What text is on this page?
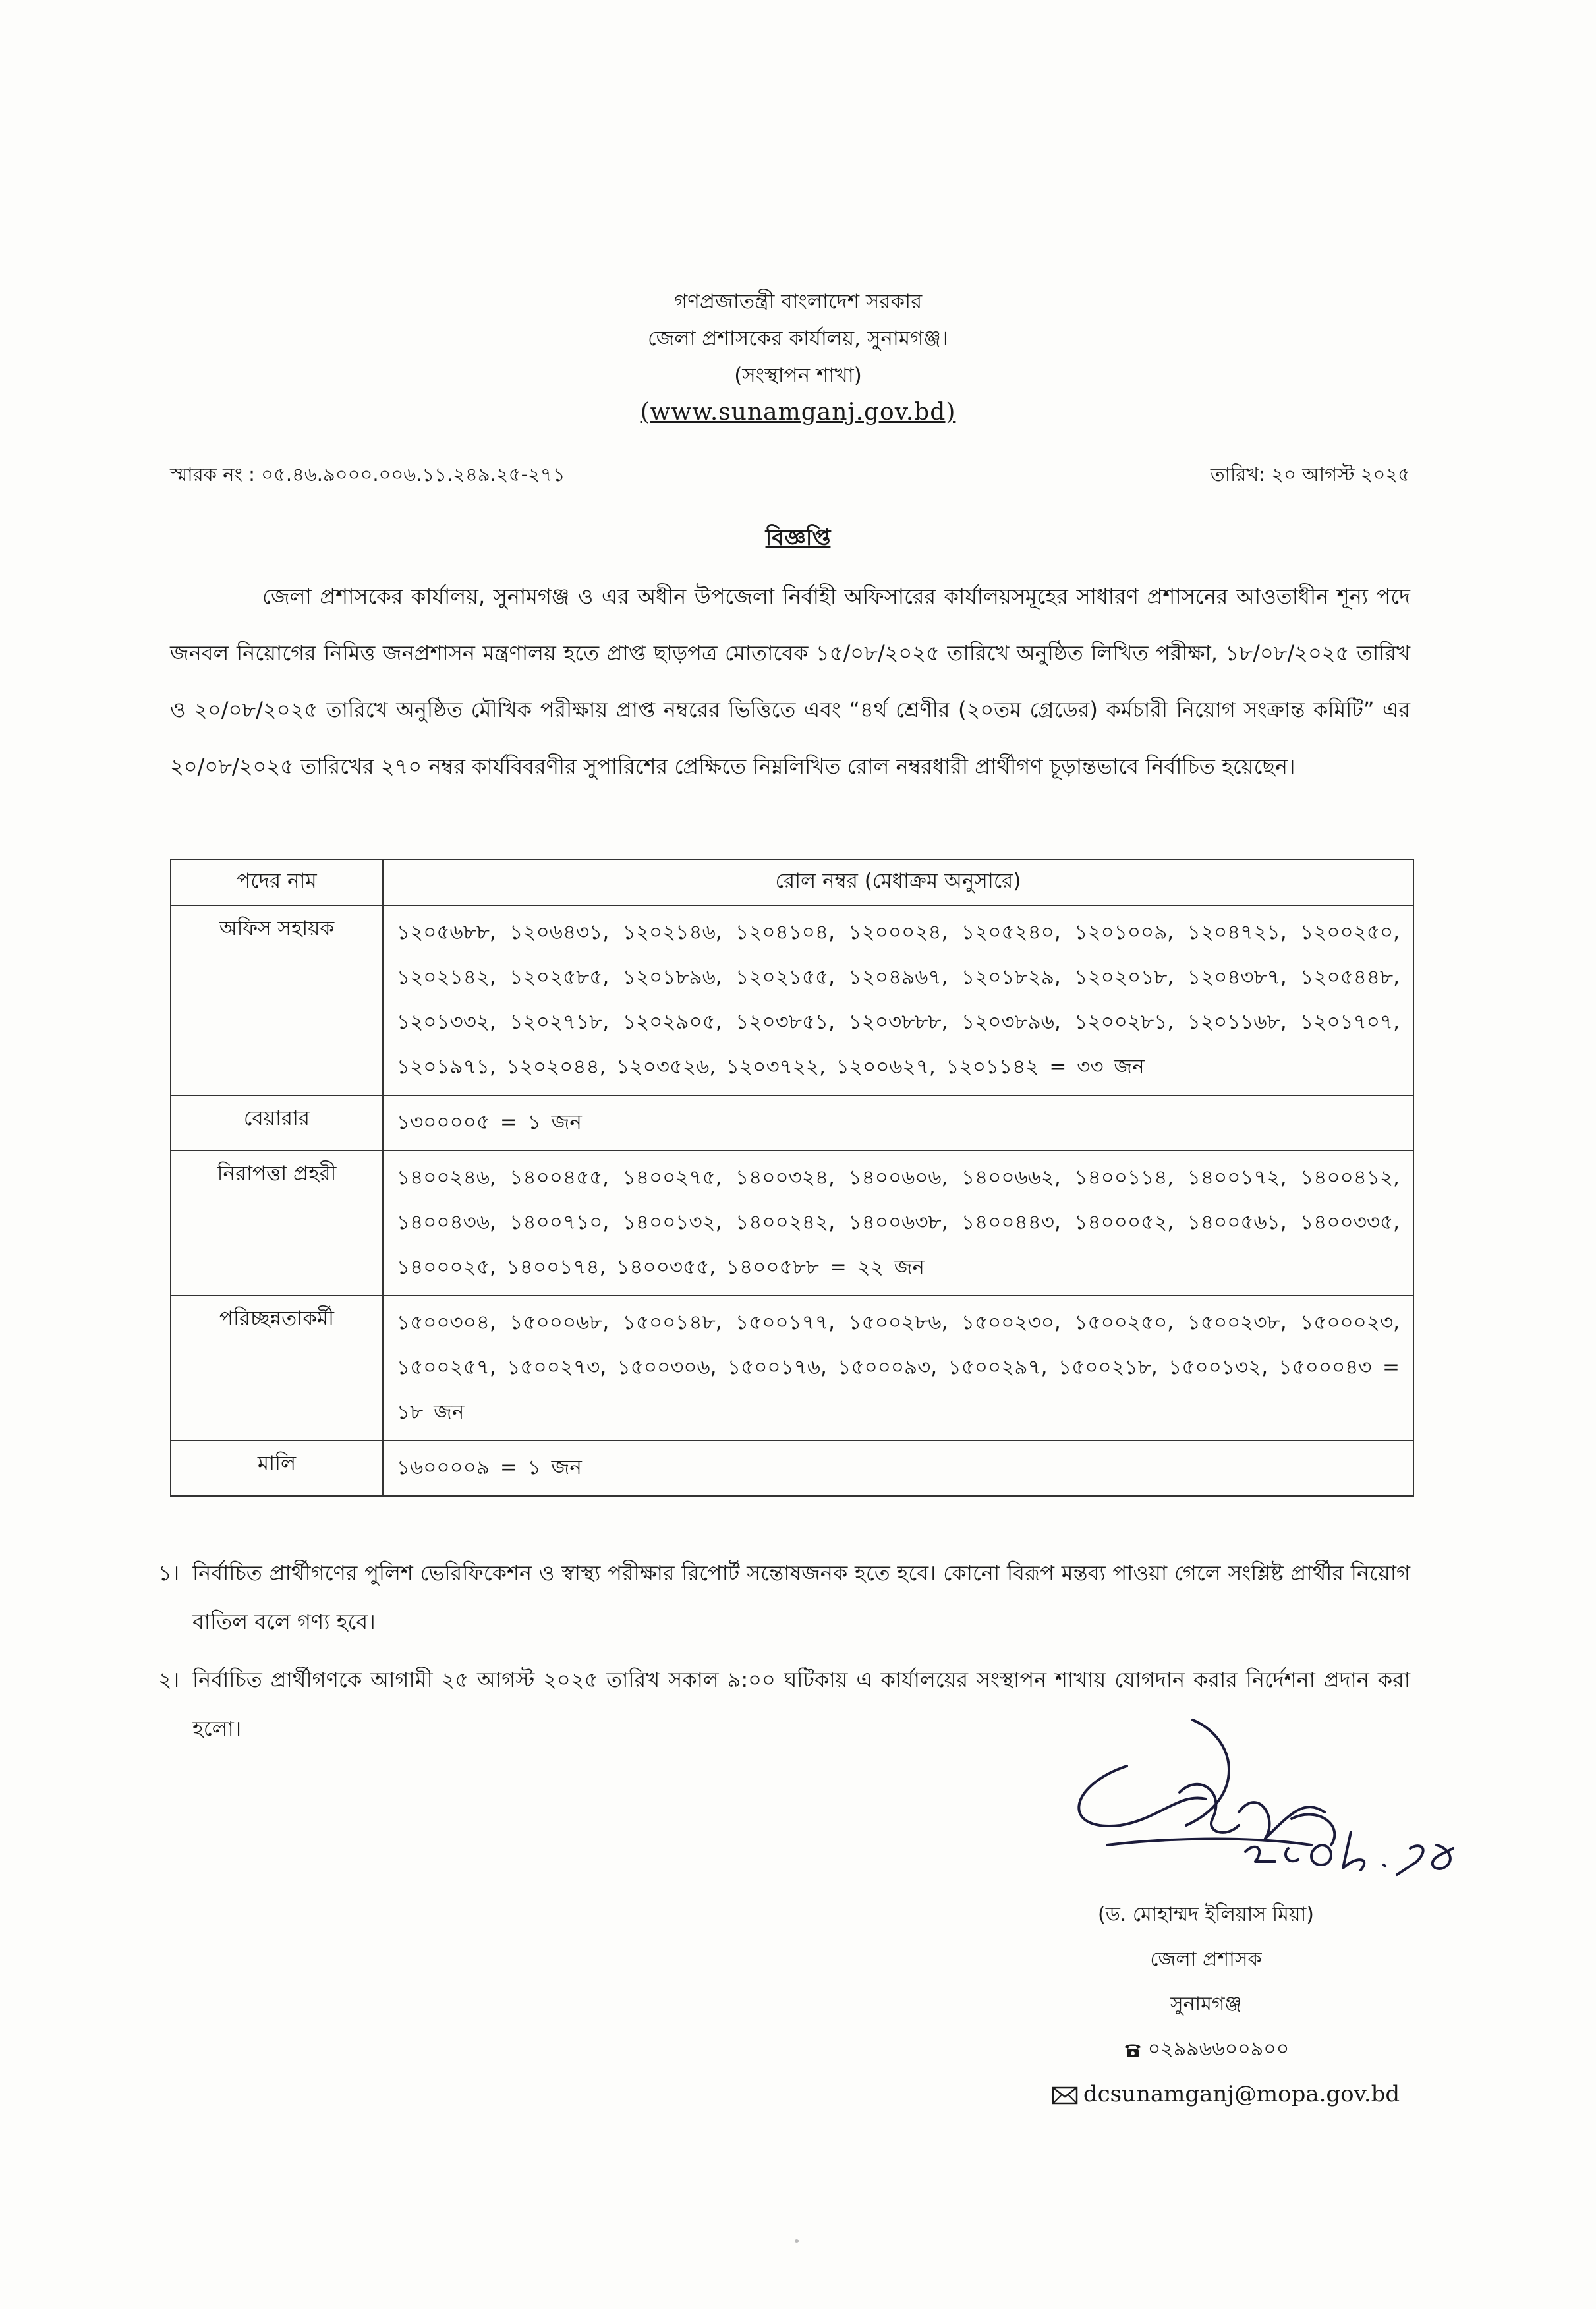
গণপ্রজাতন্ত্রী বাংলাদেশ সরকার
জেলা প্রশাসকের কার্যালয়, সুনামগঞ্জ।
(সংস্থাপন শাখা)
(www.sunamganj.gov.bd)
স্মারক নং : ০৫.৪৬.৯০০০.০০৬.১১.২৪৯.২৫-২৭১	তারিখ: ২০ আগস্ট ২০২৫
বিজ্ঞপ্তি

জেলা প্রশাসকের কার্যালয়, সুনামগঞ্জ ও এর অধীন উপজেলা নির্বাহী অফিসারের কার্যালয়সমূহের সাধারণ প্রশাসনের আওতাধীন শূন্য পদে জনবল নিয়োগের নিমিত্ত জনপ্রশাসন মন্ত্রণালয় হতে প্রাপ্ত ছাড়পত্র মোতাবেক ১৫/০৮/২০২৫ তারিখে অনুষ্ঠিত লিখিত পরীক্ষা, ১৮/০৮/২০২৫ তারিখ ও ২০/০৮/২০২৫ তারিখে অনুষ্ঠিত মৌখিক পরীক্ষায় প্রাপ্ত নম্বরের ভিত্তিতে এবং “৪র্থ শ্রেণীর (২০তম গ্রেডের) কর্মচারী নিয়োগ সংক্রান্ত কমিটি” এর ২০/০৮/২০২৫ তারিখের ২৭০ নম্বর কার্যবিবরণীর সুপারিশের প্রেক্ষিতে নিম্নলিখিত রোল নম্বরধারী প্রার্থীগণ চূড়ান্তভাবে নির্বাচিত হয়েছেন।

পদের নাম	রোল নম্বর (মেধাক্রম অনুসারে)
অফিস সহায়ক	১২০৫৬৮৮, ১২০৬৪৩১, ১২০২১৪৬, ১২০৪১০৪, ১২০০০২৪, ১২০৫২৪০, ১২০১০০৯, ১২০৪৭২১, ১২০০২৫০, ১২০২১৪২, ১২০২৫৮৫, ১২০১৮৯৬, ১২০২১৫৫, ১২০৪৯৬৭, ১২০১৮২৯, ১২০২০১৮, ১২০৪৩৮৭, ১২০৫৪৪৮, ১২০১৩৩২, ১২০২৭১৮, ১২০২৯০৫, ১২০৩৮৫১, ১২০৩৮৮৮, ১২০৩৮৯৬, ১২০০২৮১, ১২০১১৬৮, ১২০১৭০৭, ১২০১৯৭১, ১২০২০৪৪, ১২০৩৫২৬, ১২০৩৭২২, ১২০০৬২৭, ১২০১১৪২ = ৩৩ জন
বেয়ারার	১৩০০০০৫ = ১ জন
নিরাপত্তা প্রহরী	১৪০০২৪৬, ১৪০০৪৫৫, ১৪০০২৭৫, ১৪০০৩২৪, ১৪০০৬০৬, ১৪০০৬৬২, ১৪০০১১৪, ১৪০০১৭২, ১৪০০৪১২, ১৪০০৪৩৬, ১৪০০৭১০, ১৪০০১৩২, ১৪০০২৪২, ১৪০০৬৩৮, ১৪০০৪৪৩, ১৪০০০৫২, ১৪০০৫৬১, ১৪০০৩৩৫, ১৪০০০২৫, ১৪০০১৭৪, ১৪০০৩৫৫, ১৪০০৫৮৮ = ২২ জন
পরিচ্ছন্নতাকর্মী	১৫০০৩০৪, ১৫০০০৬৮, ১৫০০১৪৮, ১৫০০১৭৭, ১৫০০২৮৬, ১৫০০২৩০, ১৫০০২৫০, ১৫০০২৩৮, ১৫০০০২৩, ১৫০০২৫৭, ১৫০০২৭৩, ১৫০০৩০৬, ১৫০০১৭৬, ১৫০০০৯৩, ১৫০০২৯৭, ১৫০০২১৮, ১৫০০১৩২, ১৫০০০৪৩ = ১৮ জন
মালি	১৬০০০০৯ = ১ জন
১। নির্বাচিত প্রার্থীগণের পুলিশ ভেরিফিকেশন ও স্বাস্থ্য পরীক্ষার রিপোর্ট সন্তোষজনক হতে হবে। কোনো বিরূপ মন্তব্য পাওয়া গেলে সংশ্লিষ্ট প্রার্থীর নিয়োগ বাতিল বলে গণ্য হবে।
২। নির্বাচিত প্রার্থীগণকে আগামী ২৫ আগস্ট ২০২৫ তারিখ সকাল ৯:০০ ঘটিকায় এ কার্যালয়ের সংস্থাপন শাখায় যোগদান করার নির্দেশনা প্রদান করা হলো।
(ড. মোহাম্মদ ইলিয়াস মিয়া)
জেলা প্রশাসক
সুনামগঞ্জ
০২৯৯৬৬০০৯০০
dcsunamganj@mopa.gov.bd
